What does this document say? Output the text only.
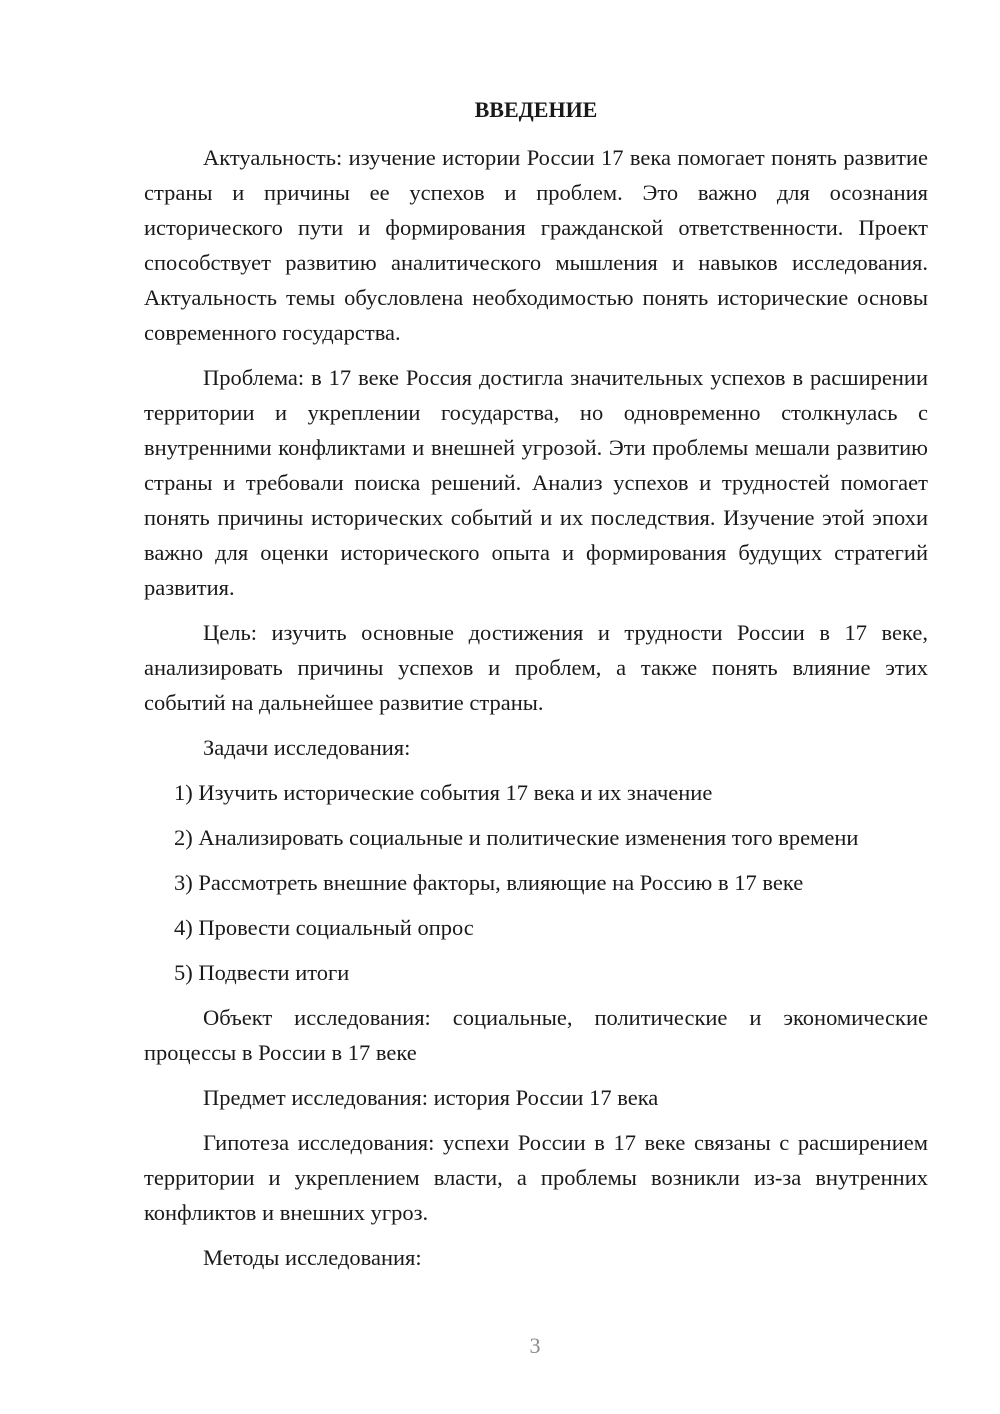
ВВЕДЕНИЕ

Актуальность: изучение истории России 17 века помогает понять развитие страны и причины ее успехов и проблем. Это важно для осознания исторического пути и формирования гражданской ответственности. Проект способствует развитию аналитического мышления и навыков исследования. Актуальность темы обусловлена необходимостью понять исторические основы современного государства.

Проблема: в 17 веке Россия достигла значительных успехов в расширении территории и укреплении государства, но одновременно столкнулась с внутренними конфликтами и внешней угрозой. Эти проблемы мешали развитию страны и требовали поиска решений. Анализ успехов и трудностей помогает понять причины исторических событий и их последствия. Изучение этой эпохи важно для оценки исторического опыта и формирования будущих стратегий развития.

Цель: изучить основные достижения и трудности России в 17 веке, анализировать причины успехов и проблем, а также понять влияние этих событий на дальнейшее развитие страны.

Задачи исследования:

1) Изучить исторические события 17 века и их значение

2) Анализировать социальные и политические изменения того времени

3) Рассмотреть внешние факторы, влияющие на Россию в 17 веке

4) Провести социальный опрос

5) Подвести итоги

Объект исследования: социальные, политические и экономические процессы в России в 17 веке

Предмет исследования: история России 17 века

Гипотеза исследования: успехи России в 17 веке связаны с расширением территории и укреплением власти, а проблемы возникли из-за внутренних конфликтов и внешних угроз.

Методы исследования:

3
